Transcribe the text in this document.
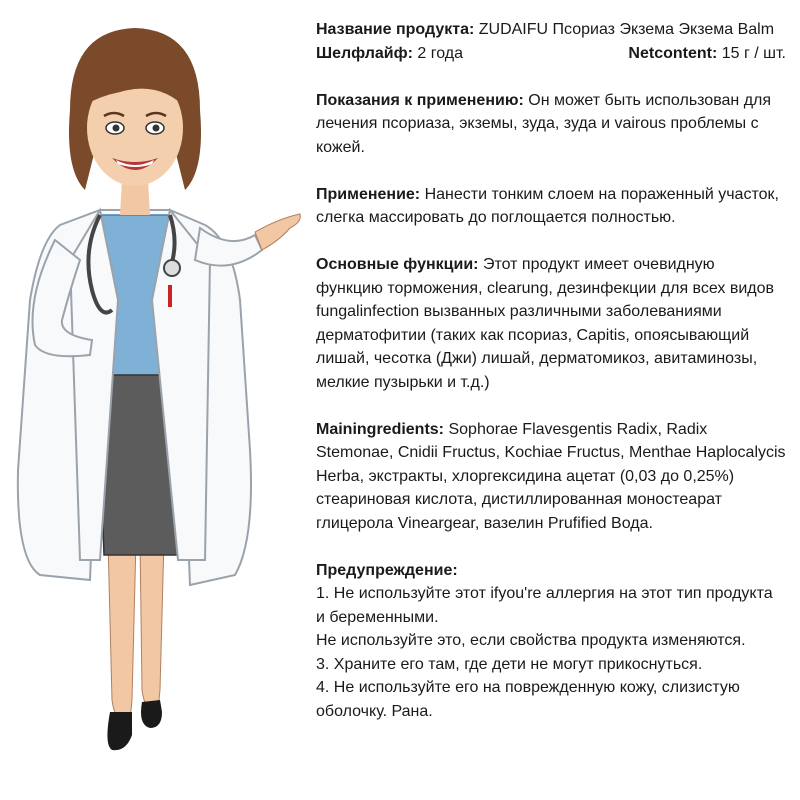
Название продукта: ZUDAIFU Псориаз Экзема Экзема Balm
Шелфлайф: 2 года	Netcontent: 15 г / шт.
Показания к применению: Он может быть использован для лечения псориаза, экземы, зуда, зуда и vairous проблемы с кожей.
Применение: Нанести тонким слоем на пораженный участок, слегка массировать до поглощается полностью.
Основные функции: Этот продукт имеет очевидную функцию торможения, clearung, дезинфекции для всех видов fungalinfection вызванных различными заболеваниями дерматофитии (таких как псориаз, Capitis, опоясывающий лишай, чесотка (Джи) лишай, дерматомикоз, авитаминозы, мелкие пузырьки и т.д.)
Mainingredients: Sophorae Flavesgentis Radix, Radix Stemonae, Cnidii Fructus, Kochiae Fructus, Menthae Haplocalycis Herba, экстракты, хлоргексидина ацетат (0,03 до 0,25%) стеариновая кислота, дистиллированная моностеарат глицерола Vineargear, вазелин Prufified Вода.
Предупреждение:
1. Не используйте этот ifyou're аллергия на этот тип продукта и беременными.
Не используйте это, если свойства продукта изменяются.
3. Храните его там, где дети не могут прикоснуться.
4. Не используйте его на поврежденную кожу, слизистую оболочку. Рана.
